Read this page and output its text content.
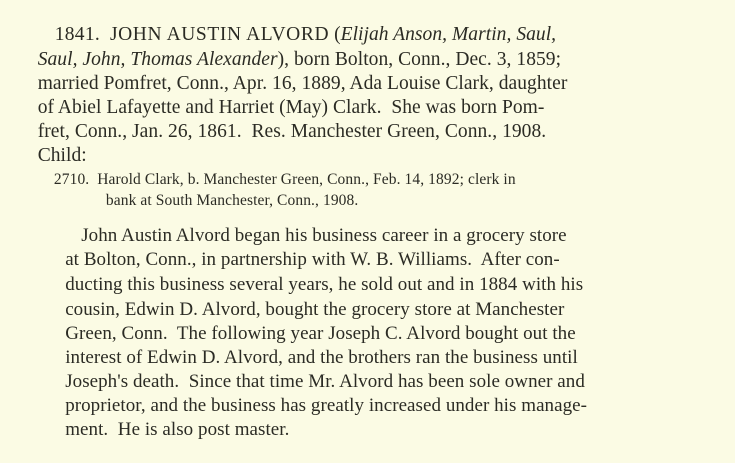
1841. JOHN AUSTIN ALVORD (Elijah Anson, Martin, Saul,

Saul, John, Thomas Alexander), born Bolton, Conn., Dec. 3, 1859;

married Pomfret, Conn., Apr. 16, 1889, Ada Louise Clark, daughter

of Abiel Lafayette and Harriet (May) Clark.  She was born Pom-

fret, Conn., Jan. 26, 1861.  Res. Manchester Green, Conn., 1908.

Child:

2710.  Harold Clark, b. Manchester Green, Conn., Feb. 14, 1892; clerk in

bank at South Manchester, Conn., 1908.

John Austin Alvord began his business career in a grocery store

at Bolton, Conn., in partnership with W. B. Williams.  After con-

ducting this business several years, he sold out and in 1884 with his

cousin, Edwin D. Alvord, bought the grocery store at Manchester

Green, Conn.  The following year Joseph C. Alvord bought out the

interest of Edwin D. Alvord, and the brothers ran the business until

Joseph's death.  Since that time Mr. Alvord has been sole owner and

proprietor, and the business has greatly increased under his manage-

ment.  He is also post master.
